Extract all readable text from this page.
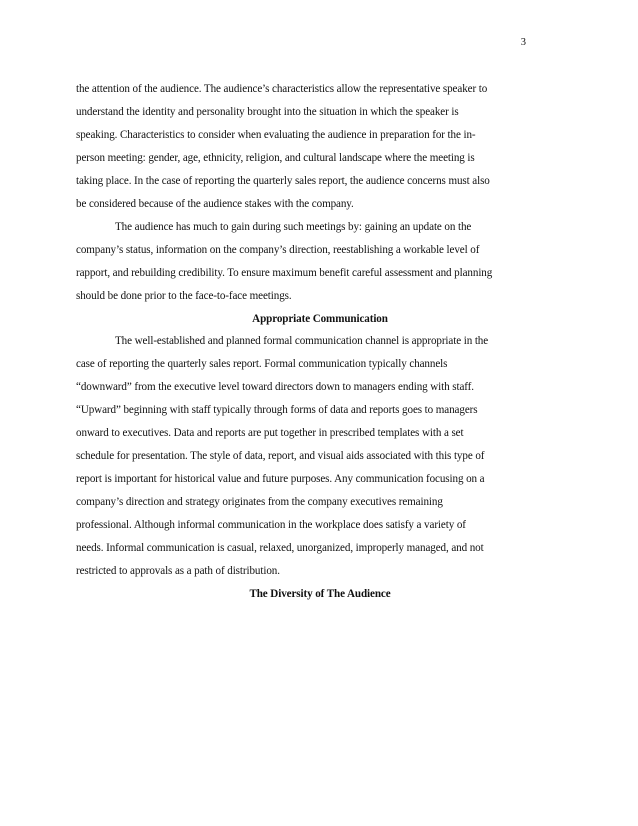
3

the attention of the audience. The audience’s characteristics allow the representative speaker to
understand the identity and personality brought into the situation in which the speaker is
speaking. Characteristics to consider when evaluating the audience in preparation for the in-
person meeting: gender, age, ethnicity, religion, and cultural landscape where the meeting is
taking place. In the case of reporting the quarterly sales report, the audience concerns must also
be considered because of the audience stakes with the company.

The audience has much to gain during such meetings by: gaining an update on the
company’s status, information on the company’s direction, reestablishing a workable level of
rapport, and rebuilding credibility. To ensure maximum benefit careful assessment and planning
should be done prior to the face-to-face meetings.

Appropriate Communication

The well-established and planned formal communication channel is appropriate in the
case of reporting the quarterly sales report. Formal communication typically channels
“downward” from the executive level toward directors down to managers ending with staff.
“Upward” beginning with staff typically through forms of data and reports goes to managers
onward to executives. Data and reports are put together in prescribed templates with a set
schedule for presentation. The style of data, report, and visual aids associated with this type of
report is important for historical value and future purposes. Any communication focusing on a
company’s direction and strategy originates from the company executives remaining
professional. Although informal communication in the workplace does satisfy a variety of
needs. Informal communication is casual, relaxed, unorganized, improperly managed, and not
restricted to approvals as a path of distribution.

The Diversity of The Audience
